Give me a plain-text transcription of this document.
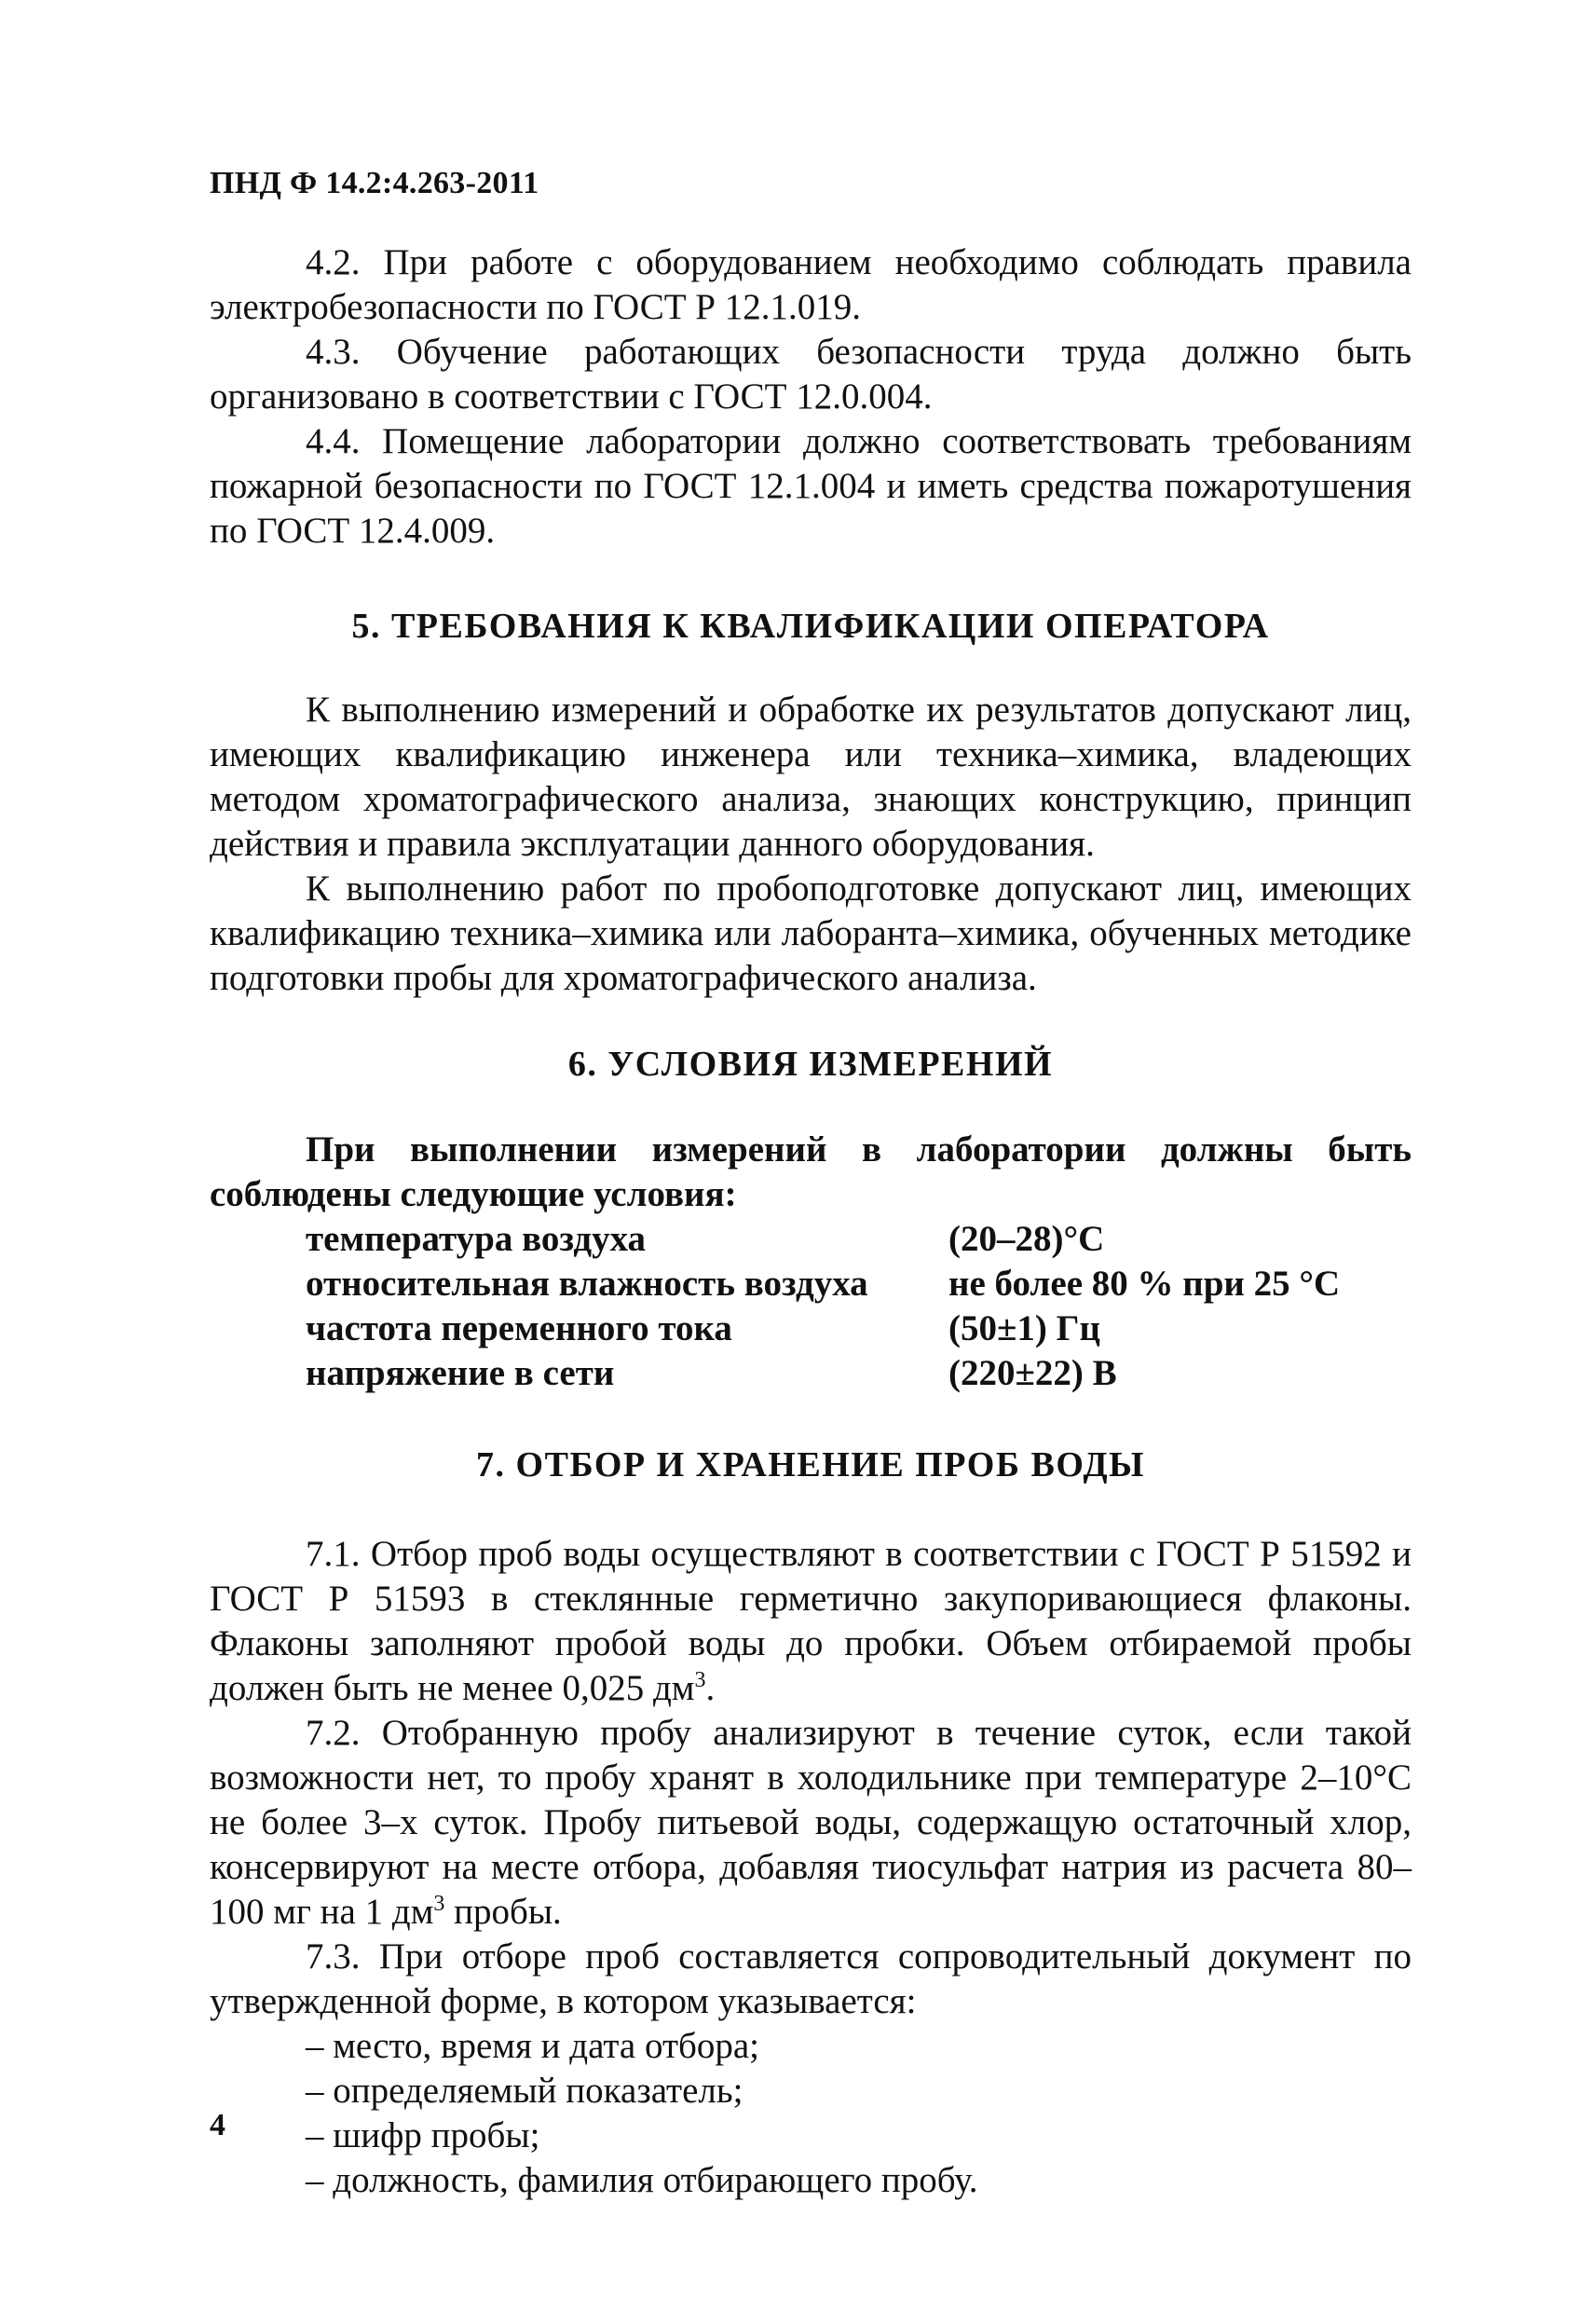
ПНД Ф 14.2:4.263-2011

4.2. При работе с оборудованием необходимо соблюдать правила электробезопасности по ГОСТ Р 12.1.019.

4.3. Обучение работающих безопасности труда должно быть организовано в соответствии с ГОСТ 12.0.004.

4.4. Помещение лаборатории должно соответствовать требованиям пожарной безопасности по ГОСТ 12.1.004 и иметь средства пожаротушения по ГОСТ 12.4.009.

5. ТРЕБОВАНИЯ К КВАЛИФИКАЦИИ ОПЕРАТОРА

К выполнению измерений и обработке их результатов допускают лиц, имеющих квалификацию инженера или техника–химика, владеющих методом хроматографического анализа, знающих конструкцию, принцип действия и правила эксплуатации данного оборудования.

К выполнению работ по пробоподготовке допускают лиц, имеющих квалификацию техника–химика или лаборанта–химика, обученных методике подготовки пробы для хроматографического анализа.

6. УСЛОВИЯ ИЗМЕРЕНИЙ

При выполнении измерений в лаборатории должны быть соблюдены следующие условия:

температура воздуха	(20–28)°С
относительная влажность воздуха	не более 80 % при 25 °С
частота переменного тока	(50±1) Гц
напряжение в сети	(220±22) В
7. ОТБОР И ХРАНЕНИЕ ПРОБ ВОДЫ

7.1. Отбор проб воды осуществляют в соответствии с ГОСТ Р 51592 и ГОСТ Р 51593 в стеклянные герметично закупоривающиеся флаконы. Флаконы заполняют пробой воды до пробки. Объем отбираемой пробы должен быть не менее 0,025 $дм^3$.

7.2. Отобранную пробу анализируют в течение суток, если такой возможности нет, то пробу хранят в холодильнике при температуре 2–10°С не более 3–х суток. Пробу питьевой воды, содержащую остаточный хлор, консервируют на месте отбора, добавляя тиосульфат натрия из расчета 80–100 мг на 1 $дм^3$ пробы.

7.3. При отборе проб составляется сопроводительный документ по утвержденной форме, в котором указывается:

– место, время и дата отбора;
– определяемый показатель;
– шифр пробы;
– должность, фамилия отбирающего пробу.
4
